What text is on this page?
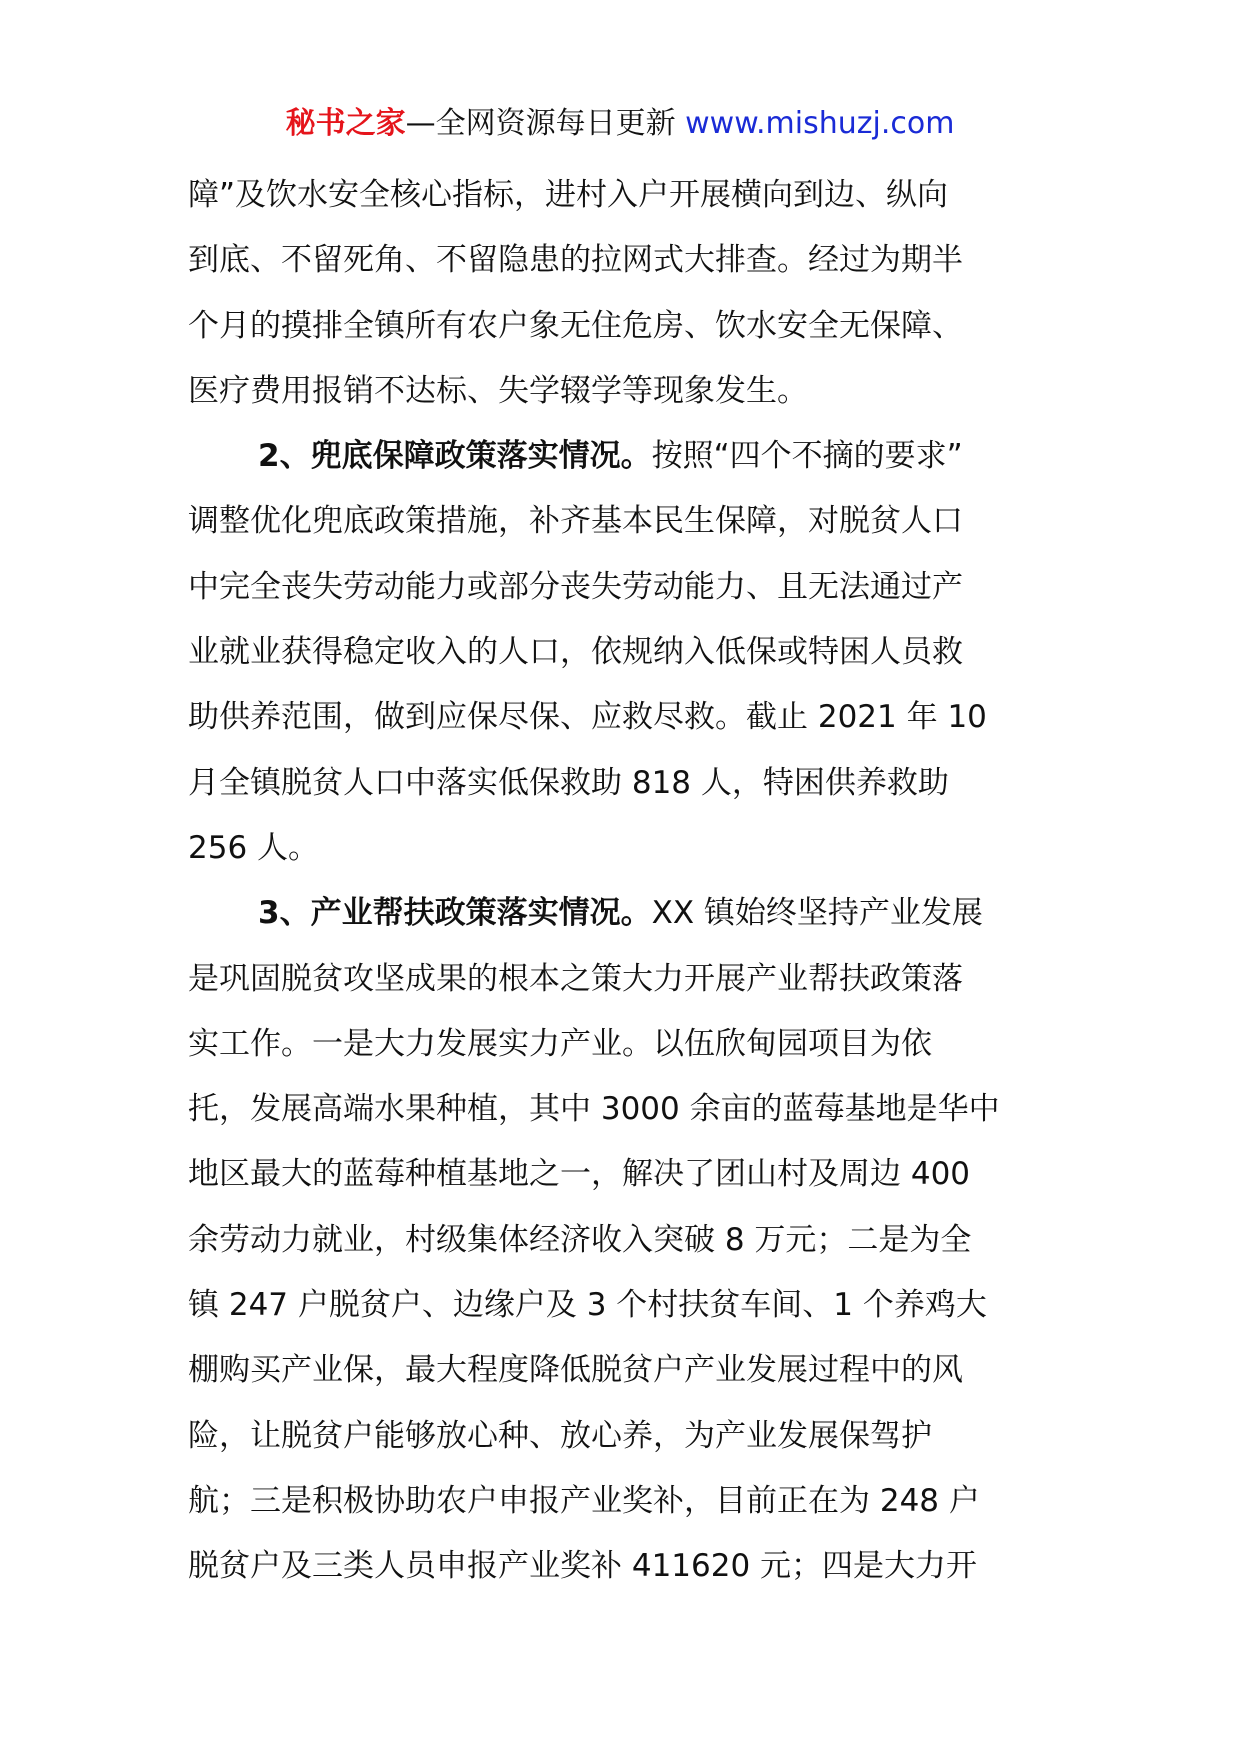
秘书之家—全网资源每日更新 www.mishuzj.com
障”及饮水安全核心指标，进村入户开展横向到边、纵向
到底、不留死角、不留隐患的拉网式大排查。经过为期半
个月的摸排全镇所有农户象无住危房、饮水安全无保障、
医疗费用报销不达标、失学辍学等现象发生。
2、兜底保障政策落实情况。按照“四个不摘的要求”
调整优化兜底政策措施，补齐基本民生保障，对脱贫人口
中完全丧失劳动能力或部分丧失劳动能力、且无法通过产
业就业获得稳定收入的人口，依规纳入低保或特困人员救
助供养范围，做到应保尽保、应救尽救。截止 2021 年 10
月全镇脱贫人口中落实低保救助 818 人，特困供养救助
256 人。
3、产业帮扶政策落实情况。XX 镇始终坚持产业发展
是巩固脱贫攻坚成果的根本之策大力开展产业帮扶政策落
实工作。一是大力发展实力产业。以伍欣甸园项目为依
托，发展高端水果种植，其中 3000 余亩的蓝莓基地是华中
地区最大的蓝莓种植基地之一，解决了团山村及周边 400
余劳动力就业，村级集体经济收入突破 8 万元；二是为全
镇 247 户脱贫户、边缘户及 3 个村扶贫车间、1 个养鸡大
棚购买产业保，最大程度降低脱贫户产业发展过程中的风
险，让脱贫户能够放心种、放心养，为产业发展保驾护
航；三是积极协助农户申报产业奖补，目前正在为 248 户
脱贫户及三类人员申报产业奖补 411620 元；四是大力开
